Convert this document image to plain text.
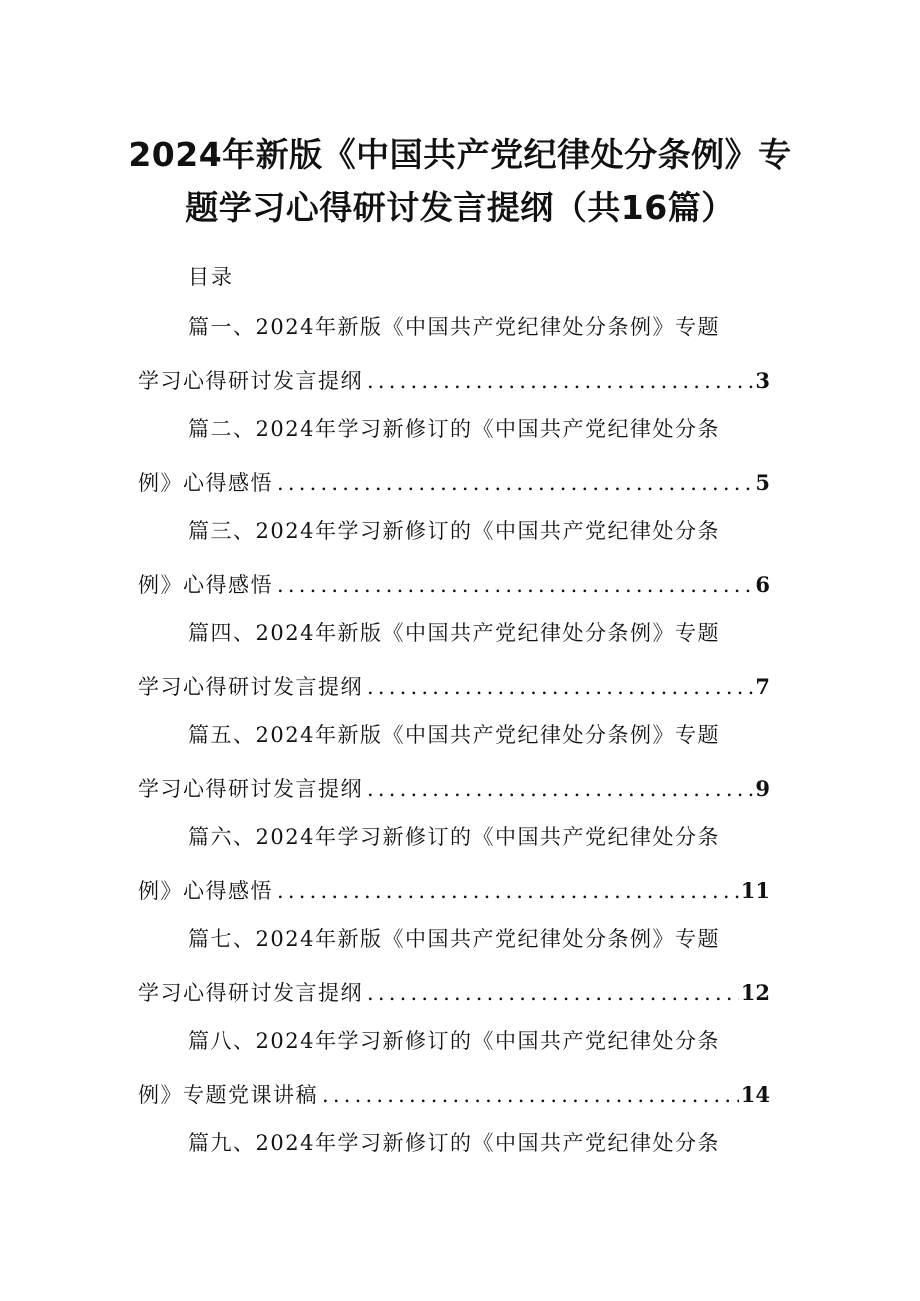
2024年新版《中国共产党纪律处分条例》专
题学习心得研讨发言提纲（共16篇）
目录
篇一、2024年新版《中国共产党纪律处分条例》专题
学习心得研讨发言提纲 .....	3
篇二、2024年学习新修订的《中国共产党纪律处分条
例》心得感悟 .....	5
篇三、2024年学习新修订的《中国共产党纪律处分条
例》心得感悟 .....	6
篇四、2024年新版《中国共产党纪律处分条例》专题
学习心得研讨发言提纲 .....	7
篇五、2024年新版《中国共产党纪律处分条例》专题
学习心得研讨发言提纲 .....	9
篇六、2024年学习新修订的《中国共产党纪律处分条
例》心得感悟 .....	11
篇七、2024年新版《中国共产党纪律处分条例》专题
学习心得研讨发言提纲 .....	12
篇八、2024年学习新修订的《中国共产党纪律处分条
例》专题党课讲稿 .....	14
篇九、2024年学习新修订的《中国共产党纪律处分条
